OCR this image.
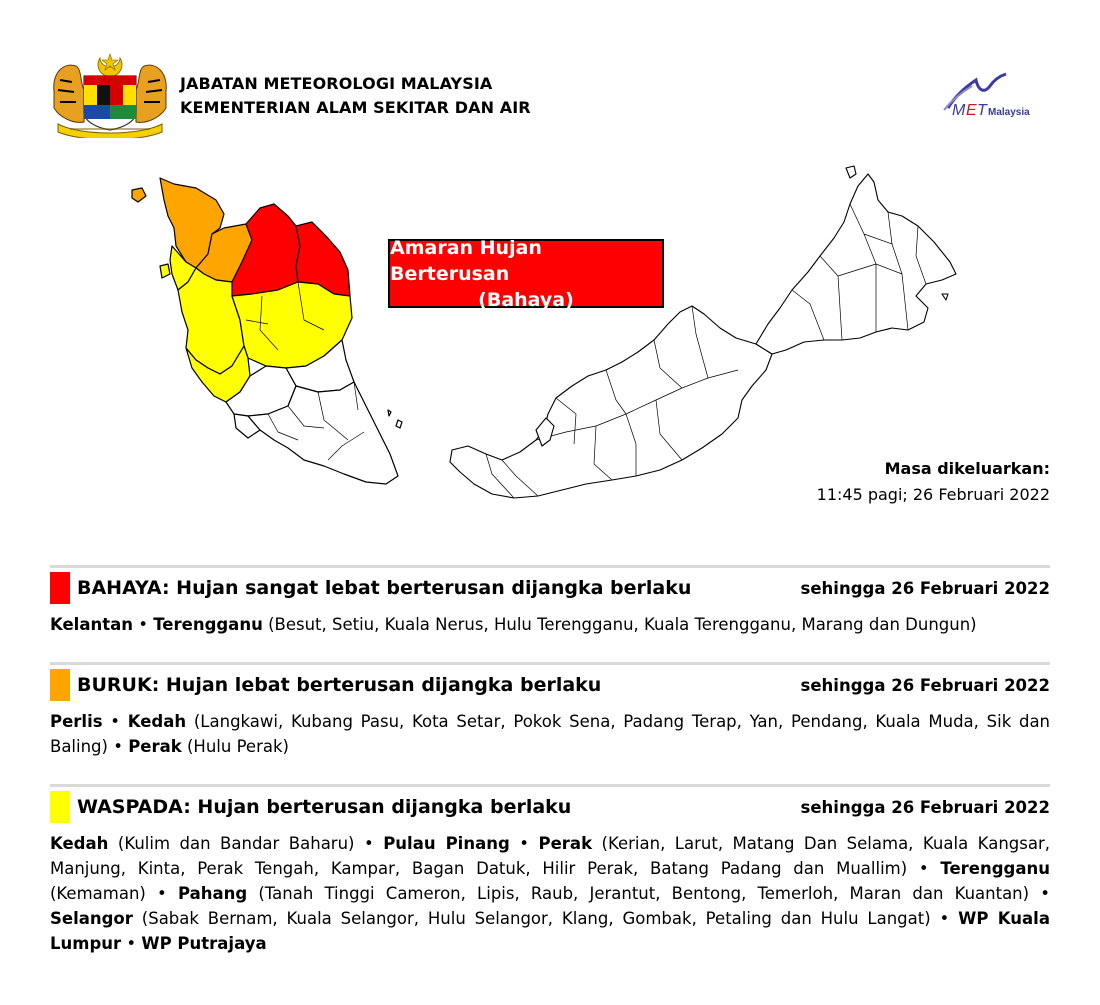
JABATAN METEOROLOGI MALAYSIA
KEMENTERIAN ALAM SEKITAR DAN AIR	M E T Malaysia
Amaran Hujan Berterusan
(Bahaya)
Masa dikeluarkan:
11:45 pagi; 26 Februari 2022
BAHAYA: Hujan sangat lebat berterusan dijangka berlaku	sehingga 26 Februari 2022
Kelantan • Terengganu (Besut, Setiu, Kuala Nerus, Hulu Terengganu, Kuala Terengganu, Marang dan Dungun)
BURUK: Hujan lebat berterusan dijangka berlaku	sehingga 26 Februari 2022
Perlis • Kedah (Langkawi, Kubang Pasu, Kota Setar, Pokok Sena, Padang Terap, Yan, Pendang, Kuala Muda, Sik dan Baling) • Perak (Hulu Perak)
WASPADA: Hujan berterusan dijangka berlaku	sehingga 26 Februari 2022
Kedah (Kulim dan Bandar Baharu) • Pulau Pinang • Perak (Kerian, Larut, Matang Dan Selama, Kuala Kangsar, Manjung, Kinta, Perak Tengah, Kampar, Bagan Datuk, Hilir Perak, Batang Padang dan Muallim) • Terengganu (Kemaman) • Pahang (Tanah Tinggi Cameron, Lipis, Raub, Jerantut, Bentong, Temerloh, Maran dan Kuantan) • Selangor (Sabak Bernam, Kuala Selangor, Hulu Selangor, Klang, Gombak, Petaling dan Hulu Langat) • WP Kuala Lumpur • WP Putrajaya
